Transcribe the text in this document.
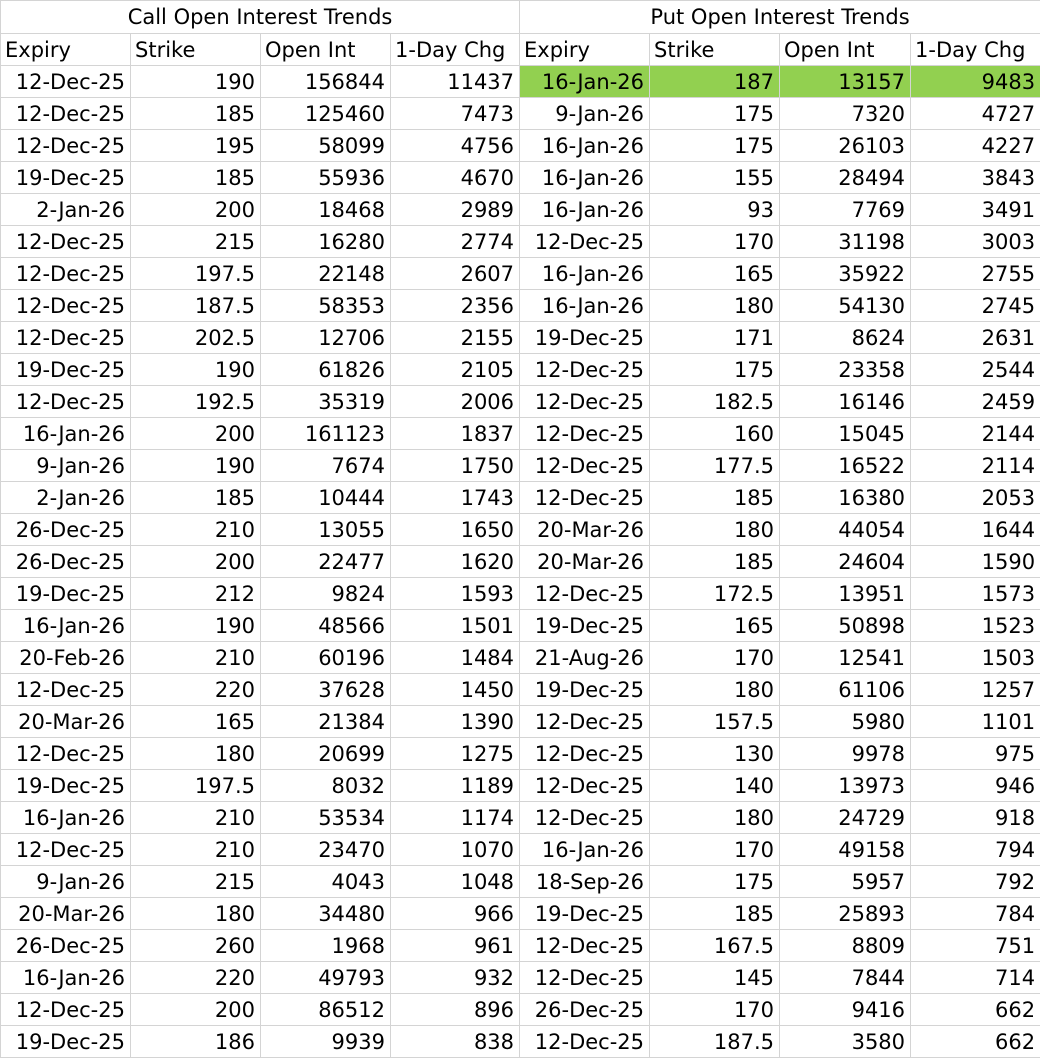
Call Open Interest Trends				Put Open Interest Trends			
Expiry	Strike	Open Int	1-Day Chg	Expiry	Strike	Open Int	1-Day Chg
12-Dec-25	190	156844	11437	16-Jan-26	187	13157	9483
12-Dec-25	185	125460	7473	9-Jan-26	175	7320	4727
12-Dec-25	195	58099	4756	16-Jan-26	175	26103	4227
19-Dec-25	185	55936	4670	16-Jan-26	155	28494	3843
2-Jan-26	200	18468	2989	16-Jan-26	93	7769	3491
12-Dec-25	215	16280	2774	12-Dec-25	170	31198	3003
12-Dec-25	197.5	22148	2607	16-Jan-26	165	35922	2755
12-Dec-25	187.5	58353	2356	16-Jan-26	180	54130	2745
12-Dec-25	202.5	12706	2155	19-Dec-25	171	8624	2631
19-Dec-25	190	61826	2105	12-Dec-25	175	23358	2544
12-Dec-25	192.5	35319	2006	12-Dec-25	182.5	16146	2459
16-Jan-26	200	161123	1837	12-Dec-25	160	15045	2144
9-Jan-26	190	7674	1750	12-Dec-25	177.5	16522	2114
2-Jan-26	185	10444	1743	12-Dec-25	185	16380	2053
26-Dec-25	210	13055	1650	20-Mar-26	180	44054	1644
26-Dec-25	200	22477	1620	20-Mar-26	185	24604	1590
19-Dec-25	212	9824	1593	12-Dec-25	172.5	13951	1573
16-Jan-26	190	48566	1501	19-Dec-25	165	50898	1523
20-Feb-26	210	60196	1484	21-Aug-26	170	12541	1503
12-Dec-25	220	37628	1450	19-Dec-25	180	61106	1257
20-Mar-26	165	21384	1390	12-Dec-25	157.5	5980	1101
12-Dec-25	180	20699	1275	12-Dec-25	130	9978	975
19-Dec-25	197.5	8032	1189	12-Dec-25	140	13973	946
16-Jan-26	210	53534	1174	12-Dec-25	180	24729	918
12-Dec-25	210	23470	1070	16-Jan-26	170	49158	794
9-Jan-26	215	4043	1048	18-Sep-26	175	5957	792
20-Mar-26	180	34480	966	19-Dec-25	185	25893	784
26-Dec-25	260	1968	961	12-Dec-25	167.5	8809	751
16-Jan-26	220	49793	932	12-Dec-25	145	7844	714
12-Dec-25	200	86512	896	26-Dec-25	170	9416	662
19-Dec-25	186	9939	838	12-Dec-25	187.5	3580	662
